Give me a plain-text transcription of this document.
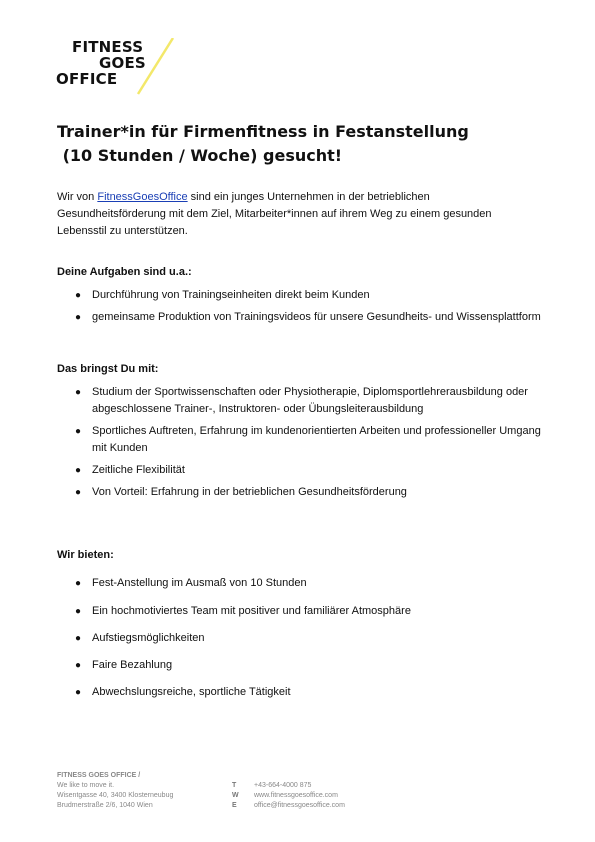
FITNESS
GOES
OFFICE
Trainer*in für Firmenfitness in Festanstellung
(10 Stunden / Woche) gesucht!
Wir von FitnessGoesOffice sind ein junges Unternehmen in der betrieblichen Gesundheitsförderung mit dem Ziel, Mitarbeiter*innen auf ihrem Weg zu einem gesunden Lebensstil zu unterstützen.
Deine Aufgaben sind u.a.:
● Durchführung von Trainingseinheiten direkt beim Kunden
● gemeinsame Produktion von Trainingsvideos für unsere Gesundheits- und Wissensplattform
Das bringst Du mit:
● Studium der Sportwissenschaften oder Physiotherapie, Diplomsportlehrerausbildung oder abgeschlossene Trainer-, Instruktoren- oder Übungsleiterausbildung
● Sportliches Auftreten, Erfahrung im kundenorientierten Arbeiten und professioneller Umgang mit Kunden
● Zeitliche Flexibilität
● Von Vorteil: Erfahrung in der betrieblichen Gesundheitsförderung
Wir bieten:
● Fest-Anstellung im Ausmaß von 10 Stunden
● Ein hochmotiviertes Team mit positiver und familiärer Atmosphäre
● Aufstiegsmöglichkeiten
● Faire Bezahlung
● Abwechslungsreiche, sportliche Tätigkeit
FITNESS GOES OFFICE /
We like to move it.
Wisentgasse 40, 3400 Klosterneubug
Brudmerstraße 2/6, 1040 Wien
T	+43-664-4000 875
W www.fitnessgoesoffice.com
E office@fitnessgoesoffice.com
